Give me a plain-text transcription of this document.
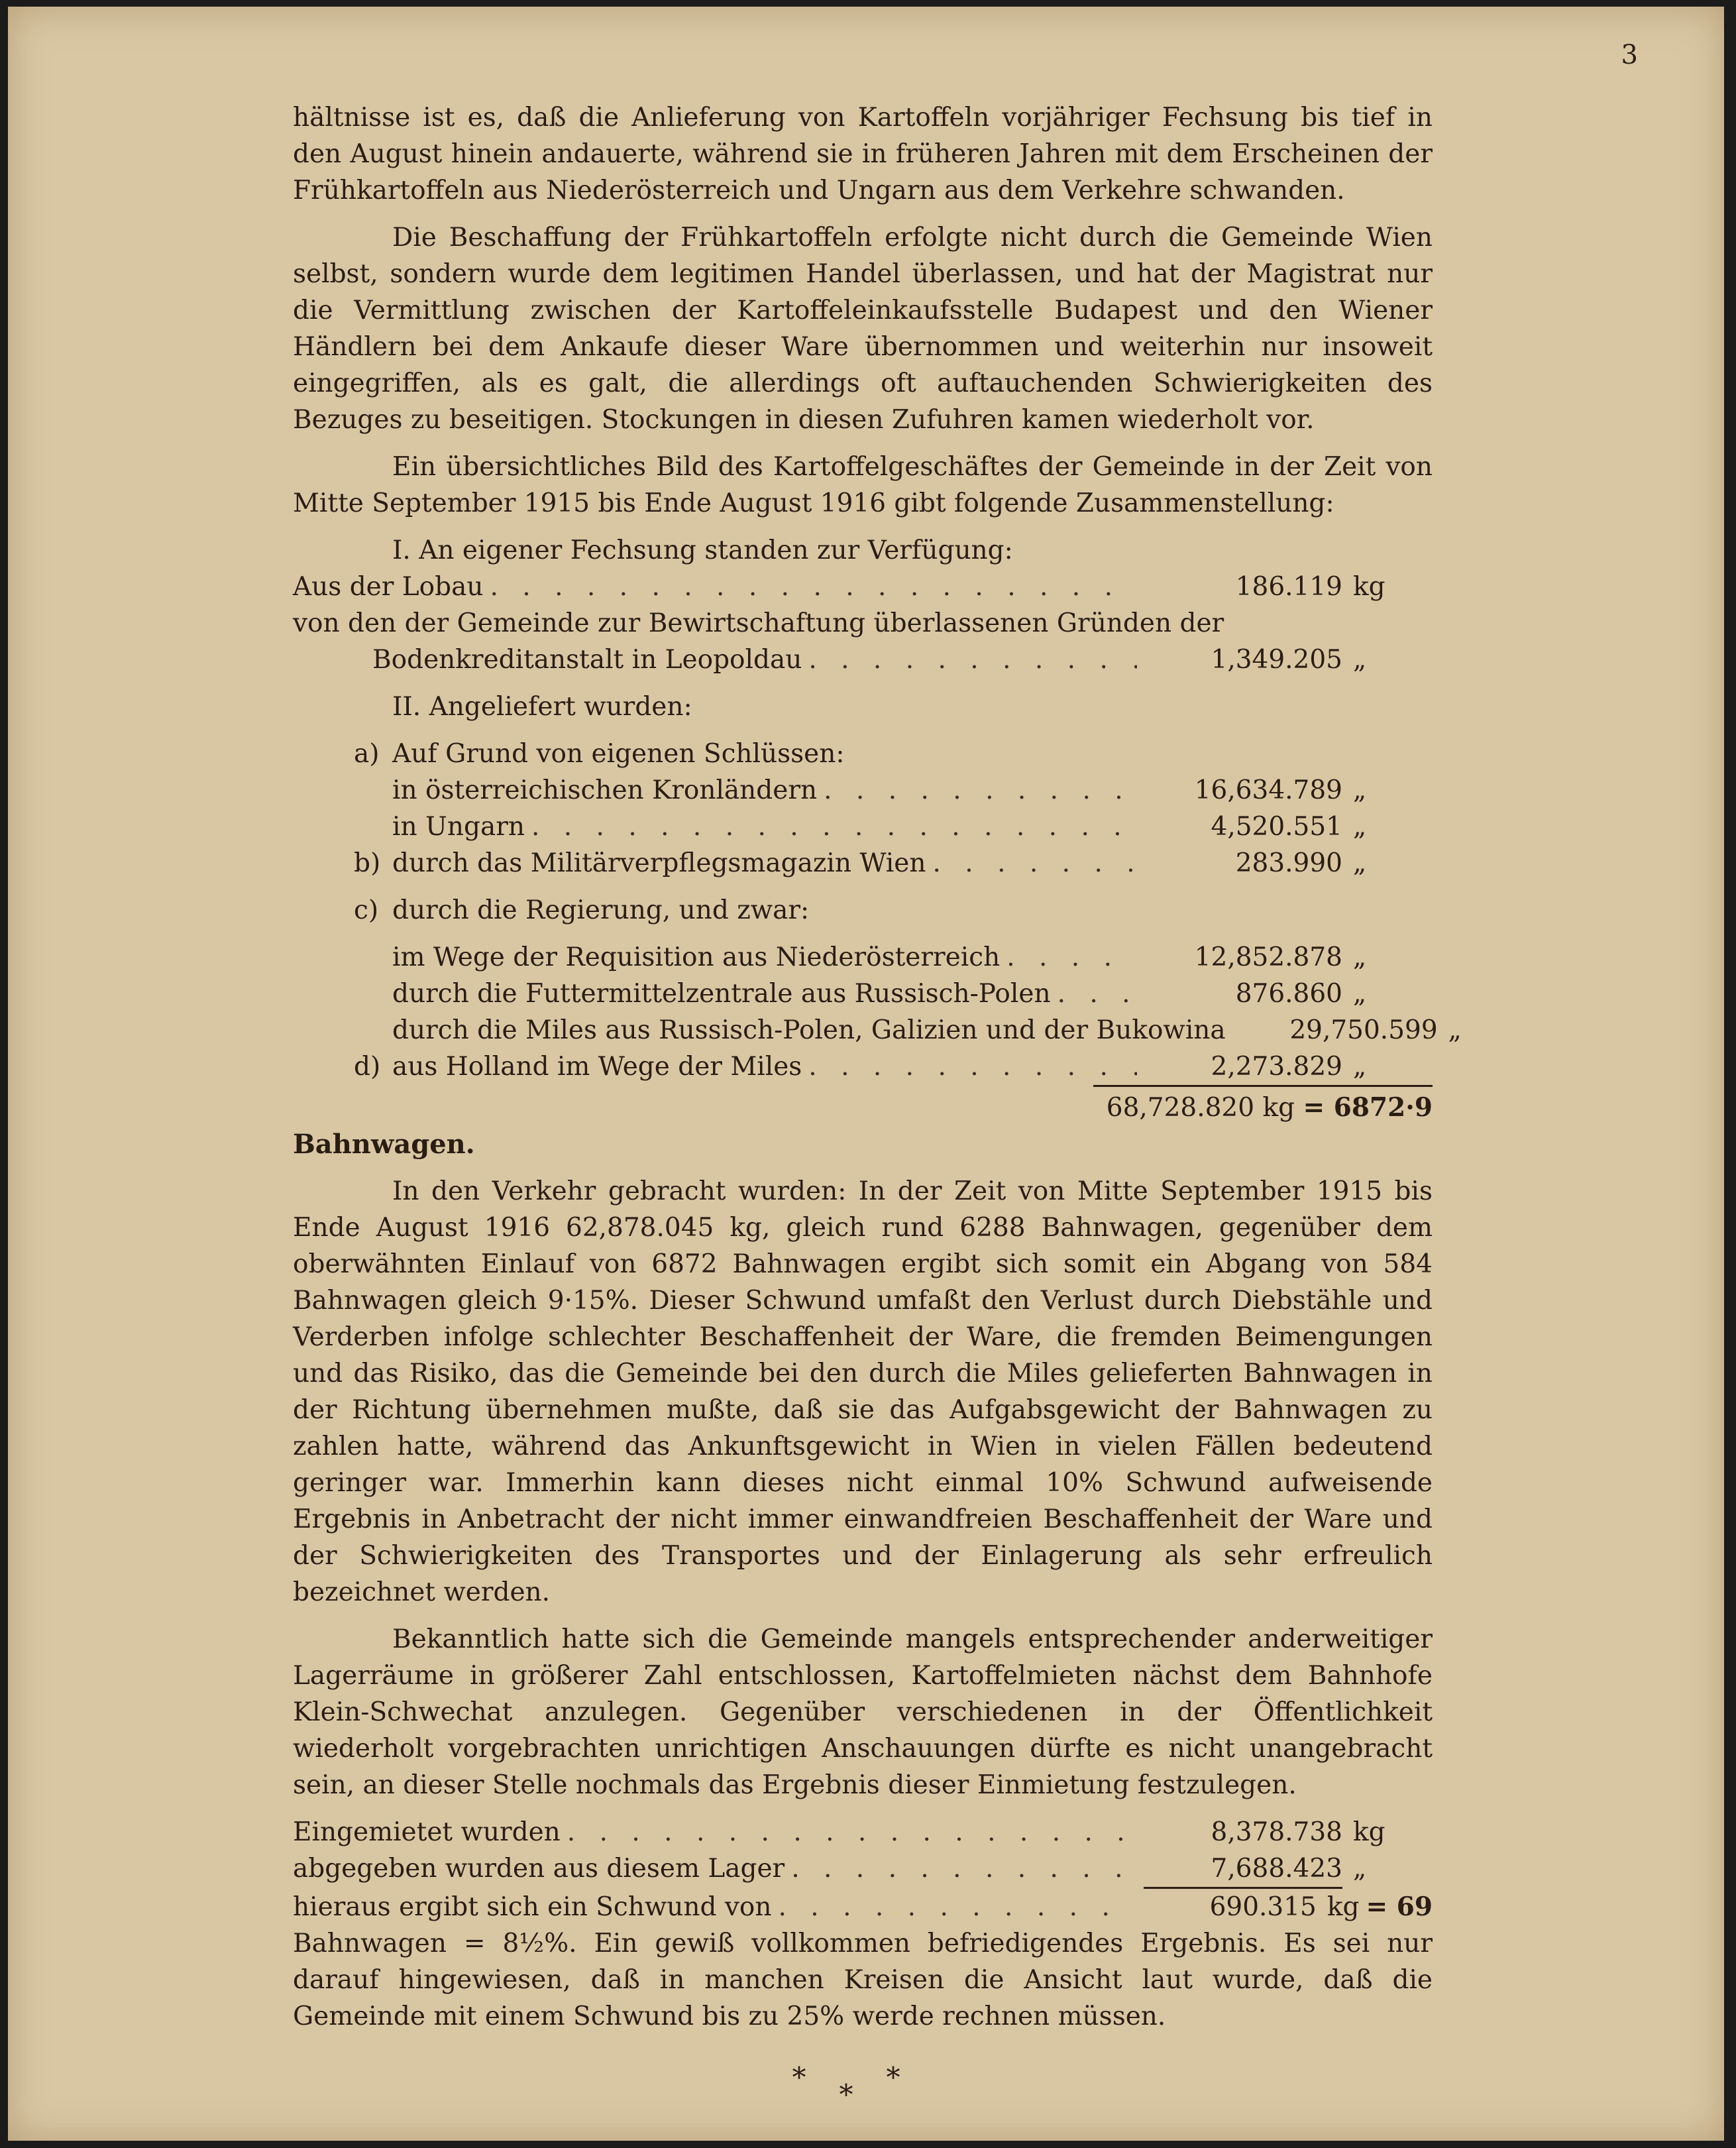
3

hältnisse ist es, daß die Anlieferung von Kartoffeln vorjähriger Fechsung bis tief in den August hinein andauerte, während sie in früheren Jahren mit dem Erscheinen der Frühkartoffeln aus Niederösterreich und Ungarn aus dem Verkehre schwanden.

Die Beschaffung der Frühkartoffeln erfolgte nicht durch die Gemeinde Wien selbst, sondern wurde dem legitimen Handel überlassen, und hat der Magistrat nur die Vermittlung zwischen der Kartoffeleinkaufsstelle Budapest und den Wiener Händlern bei dem Ankaufe dieser Ware übernommen und weiterhin nur insoweit eingegriffen, als es galt, die allerdings oft auftauchenden Schwierigkeiten des Bezuges zu beseitigen. Stockungen in diesen Zufuhren kamen wiederholt vor.

Ein übersichtliches Bild des Kartoffelgeschäftes der Gemeinde in der Zeit von Mitte September 1915 bis Ende August 1916 gibt folgende Zusammenstellung:

I. An eigener Fechsung standen zur Verfügung:
Aus der Lobau . . .	186.119 kg
von den der Gemeinde zur Bewirtschaftung überlassenen Gründen der
Bodenkreditanstalt in Leopoldau . . .	1,349.205 „
II. Angeliefert wurden:
a) Auf Grund von eigenen Schlüssen:
in österreichischen Kronländern . . .	16,634.789 „
in Ungarn . . .	4,520.551 „
b) durch das Militärverpflegsmagazin Wien . . .	283.990 „
c) durch die Regierung, und zwar:
im Wege der Requisition aus Niederösterreich . . .	12,852.878 „
durch die Futtermittelzentrale aus Russisch-Polen . . .	876.860 „
durch die Miles aus Russisch-Polen, Galizien und der Bukowina	29,750.599 „
d) aus Holland im Wege der Miles . . .	2,273.829 „
68,728.820 kg = 6872·9

Bahnwagen.

In den Verkehr gebracht wurden: In der Zeit von Mitte September 1915 bis Ende August 1916 62,878.045 kg, gleich rund 6288 Bahnwagen, gegenüber dem oberwähnten Einlauf von 6872 Bahnwagen ergibt sich somit ein Abgang von 584 Bahnwagen gleich 9·15%. Dieser Schwund umfaßt den Verlust durch Diebstähle und Verderben infolge schlechter Beschaffenheit der Ware, die fremden Beimengungen und das Risiko, das die Gemeinde bei den durch die Miles gelieferten Bahnwagen in der Richtung übernehmen mußte, daß sie das Aufgabsgewicht der Bahnwagen zu zahlen hatte, während das Ankunftsgewicht in Wien in vielen Fällen bedeutend geringer war. Immerhin kann dieses nicht einmal 10% Schwund aufweisende Ergebnis in Anbetracht der nicht immer einwandfreien Beschaffenheit der Ware und der Schwierigkeiten des Transportes und der Einlagerung als sehr erfreulich bezeichnet werden.

Bekanntlich hatte sich die Gemeinde mangels entsprechender anderweitiger Lagerräume in größerer Zahl entschlossen, Kartoffelmieten nächst dem Bahnhofe Klein-Schwechat anzulegen. Gegenüber verschiedenen in der Öffentlichkeit wiederholt vorgebrachten unrichtigen Anschauungen dürfte es nicht unangebracht sein, an dieser Stelle nochmals das Ergebnis dieser Einmietung festzulegen.

Eingemietet wurden . . .	8,378.738 kg
abgegeben wurden aus diesem Lager . . .	7,688.423 „
hieraus ergibt sich ein Schwund von . . .	690.315 kg = 69

Bahnwagen = 8½%. Ein gewiß vollkommen befriedigendes Ergebnis. Es sei nur darauf hingewiesen, daß in manchen Kreisen die Ansicht laut wurde, daß die Gemeinde mit einem Schwund bis zu 25% werde rechnen müssen.

***
